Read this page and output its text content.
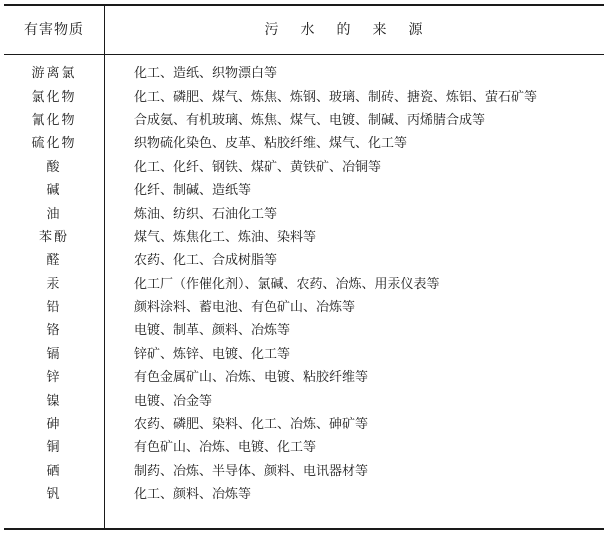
有害物质	污水的来源
游离氯	化工、造纸、织物漂白等
氯化物	化工、磷肥、煤气、炼焦、炼钢、玻璃、制砖、搪瓷、炼铝、萤石矿等
氰化物	合成氨、有机玻璃、炼焦、煤气、电镀、制碱、丙烯腈合成等
硫化物	织物硫化染色、皮革、粘胶纤维、煤气、化工等
酸	化工、化纤、钢铁、煤矿、黄铁矿、冶铜等
碱	化纤、制碱、造纸等
油	炼油、纺织、石油化工等
苯酚	煤气、炼焦化工、炼油、染料等
醛	农药、化工、合成树脂等
汞	化工厂（作催化剂）、氯碱、农药、冶炼、用汞仪表等
铅	颜料涂料、蓄电池、有色矿山、冶炼等
铬	电镀、制革、颜料、冶炼等
镉	锌矿、炼锌、电镀、化工等
锌	有色金属矿山、冶炼、电镀、粘胶纤维等
镍	电镀、冶金等
砷	农药、磷肥、染料、化工、冶炼、砷矿等
铜	有色矿山、冶炼、电镀、化工等
硒	制药、冶炼、半导体、颜料、电讯器材等
钒	化工、颜料、冶炼等
